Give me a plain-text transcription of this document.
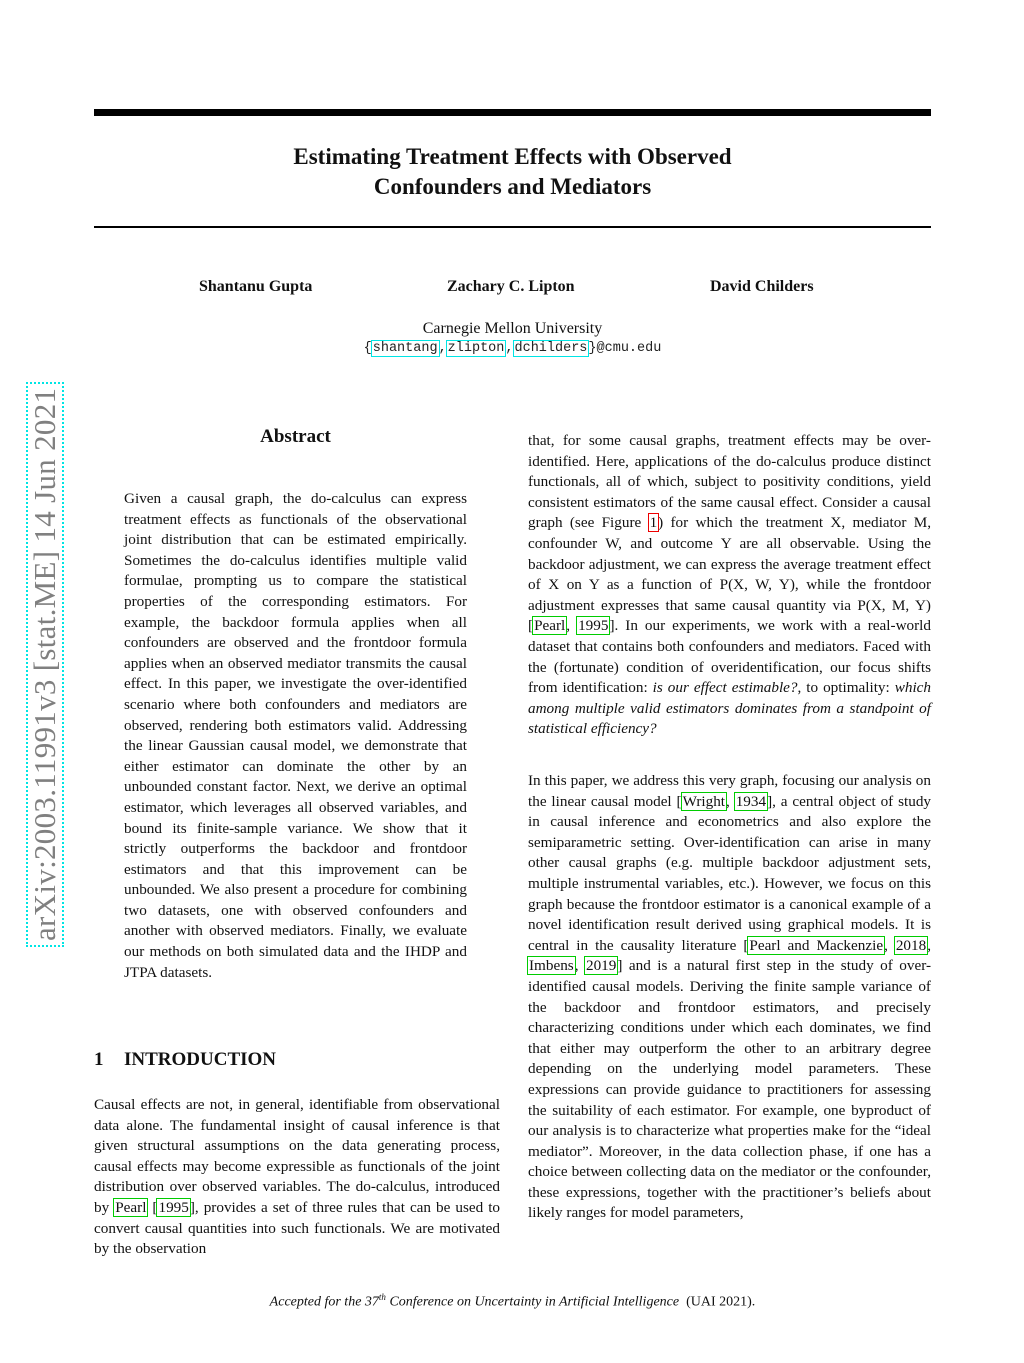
Estimating Treatment Effects with Observed
Confounders and Mediators
Shantanu Gupta	Zachary C. Lipton	David Childers
Carnegie Mellon University
{shantang,zlipton,dchilders}@cmu.edu
arXiv:2003.11991v3 [stat.ME] 14 Jun 2021	Abstract
Given a causal graph, the do-calculus can express treatment effects as functionals of the observational joint distribution that can be estimated empirically. Sometimes the do-calculus identifies multiple valid formulae, prompting us to compare the statistical properties of the corresponding estimators. For example, the backdoor formula applies when all confounders are observed and the frontdoor formula applies when an observed mediator transmits the causal effect. In this paper, we investigate the over-identified scenario where both confounders and mediators are observed, rendering both estimators valid. Addressing the linear Gaussian causal model, we demonstrate that either estimator can dominate the other by an unbounded constant factor. Next, we derive an optimal estimator, which leverages all observed variables, and bound its finite-sample variance. We show that it strictly outperforms the backdoor and frontdoor estimators and that this improvement can be unbounded. We also present a procedure for combining two datasets, one with observed confounders and another with observed mediators. Finally, we evaluate our methods on both simulated data and the IHDP and JTPA datasets.
1 INTRODUCTION
Causal effects are not, in general, identifiable from observational data alone. The fundamental insight of causal inference is that given structural assumptions on the data generating process, causal effects may become expressible as functionals of the joint distribution over observed variables. The do-calculus, introduced by Pearl [1995], provides a set of three rules that can be used to convert causal quantities into such functionals. We are motivated by the observation
that, for some causal graphs, treatment effects may be over-identified. Here, applications of the do-calculus produce distinct functionals, all of which, subject to positivity conditions, yield consistent estimators of the same causal effect. Consider a causal graph (see Figure 1) for which the treatment X, mediator M, confounder W, and outcome Y are all observable. Using the backdoor adjustment, we can express the average treatment effect of X on Y as a function of P(X, W, Y), while the frontdoor adjustment expresses that same causal quantity via P(X, M, Y) [Pearl, 1995]. In our experiments, we work with a real-world dataset that contains both confounders and mediators. Faced with the (fortunate) condition of overidentification, our focus shifts from identification: is our effect estimable?, to optimality: which among multiple valid estimators dominates from a standpoint of statistical efficiency?
In this paper, we address this very graph, focusing our analysis on the linear causal model [Wright, 1934], a central object of study in causal inference and econometrics and also explore the semiparametric setting. Over-identification can arise in many other causal graphs (e.g. multiple backdoor adjustment sets, multiple instrumental variables, etc.). However, we focus on this graph because the frontdoor estimator is a canonical example of a novel identification result derived using graphical models. It is central in the causality literature [Pearl and Mackenzie, 2018, Imbens, 2019] and is a natural first step in the study of over-identified causal models. Deriving the finite sample variance of the backdoor and frontdoor estimators, and precisely characterizing conditions under which each dominates, we find that either may outperform the other to an arbitrary degree depending on the underlying model parameters. These expressions can provide guidance to practitioners for assessing the suitability of each estimator. For example, one byproduct of our analysis is to characterize what properties make for the “ideal mediator”. Moreover, in the data collection phase, if one has a choice between collecting data on the mediator or the confounder, these expressions, together with the practitioner’s beliefs about likely ranges for model parameters,
Accepted for the 37th Conference on Uncertainty in Artificial Intelligence (UAI 2021).
